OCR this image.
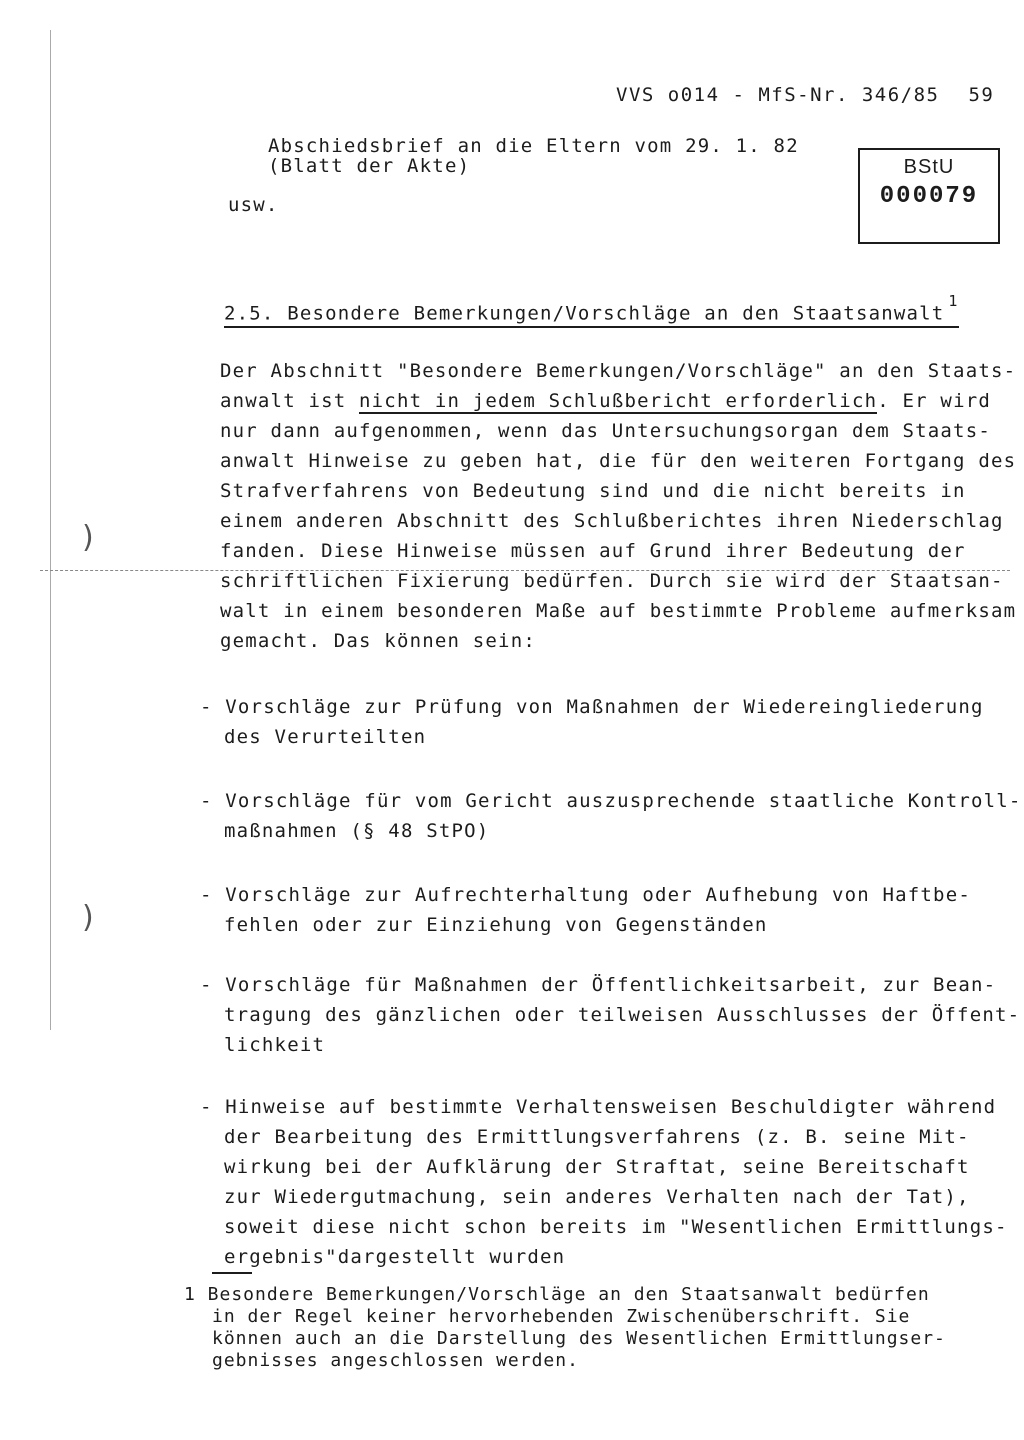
)
)
VVS o014 - MfS-Nr. 346/85 59
Abschiedsbrief an die Eltern vom 29. 1. 82
(Blatt der Akte)
usw.
BStU
000079
2.5. Besondere Bemerkungen/Vorschläge an den Staatsanwalt$^1$
Der Abschnitt "Besondere Bemerkungen/Vorschläge" an den Staats-
anwalt ist nicht in jedem Schlußbericht erforderlich. Er wird
nur dann aufgenommen, wenn das Untersuchungsorgan dem Staats-
anwalt Hinweise zu geben hat, die für den weiteren Fortgang des
Strafverfahrens von Bedeutung sind und die nicht bereits in
einem anderen Abschnitt des Schlußberichtes ihren Niederschlag
fanden. Diese Hinweise müssen auf Grund ihrer Bedeutung der
schriftlichen Fixierung bedürfen. Durch sie wird der Staatsan-
walt in einem besonderen Maße auf bestimmte Probleme aufmerksam
gemacht. Das können sein:
- Vorschläge zur Prüfung von Maßnahmen der Wiedereingliederung
des Verurteilten
- Vorschläge für vom Gericht auszusprechende staatliche Kontroll-
maßnahmen (§ 48 StPO)
- Vorschläge zur Aufrechterhaltung oder Aufhebung von Haftbe-
fehlen oder zur Einziehung von Gegenständen
- Vorschläge für Maßnahmen der Öffentlichkeitsarbeit, zur Bean-
tragung des gänzlichen oder teilweisen Ausschlusses der Öffent-
lichkeit
- Hinweise auf bestimmte Verhaltensweisen Beschuldigter während
der Bearbeitung des Ermittlungsverfahrens (z. B. seine Mit-
wirkung bei der Aufklärung der Straftat, seine Bereitschaft
zur Wiedergutmachung, sein anderes Verhalten nach der Tat),
soweit diese nicht schon bereits im "Wesentlichen Ermittlungs-
ergebnis"dargestellt wurden
1 Besondere Bemerkungen/Vorschläge an den Staatsanwalt bedürfen
in der Regel keiner hervorhebenden Zwischenüberschrift. Sie
können auch an die Darstellung des Wesentlichen Ermittlungser-
gebnisses angeschlossen werden.
